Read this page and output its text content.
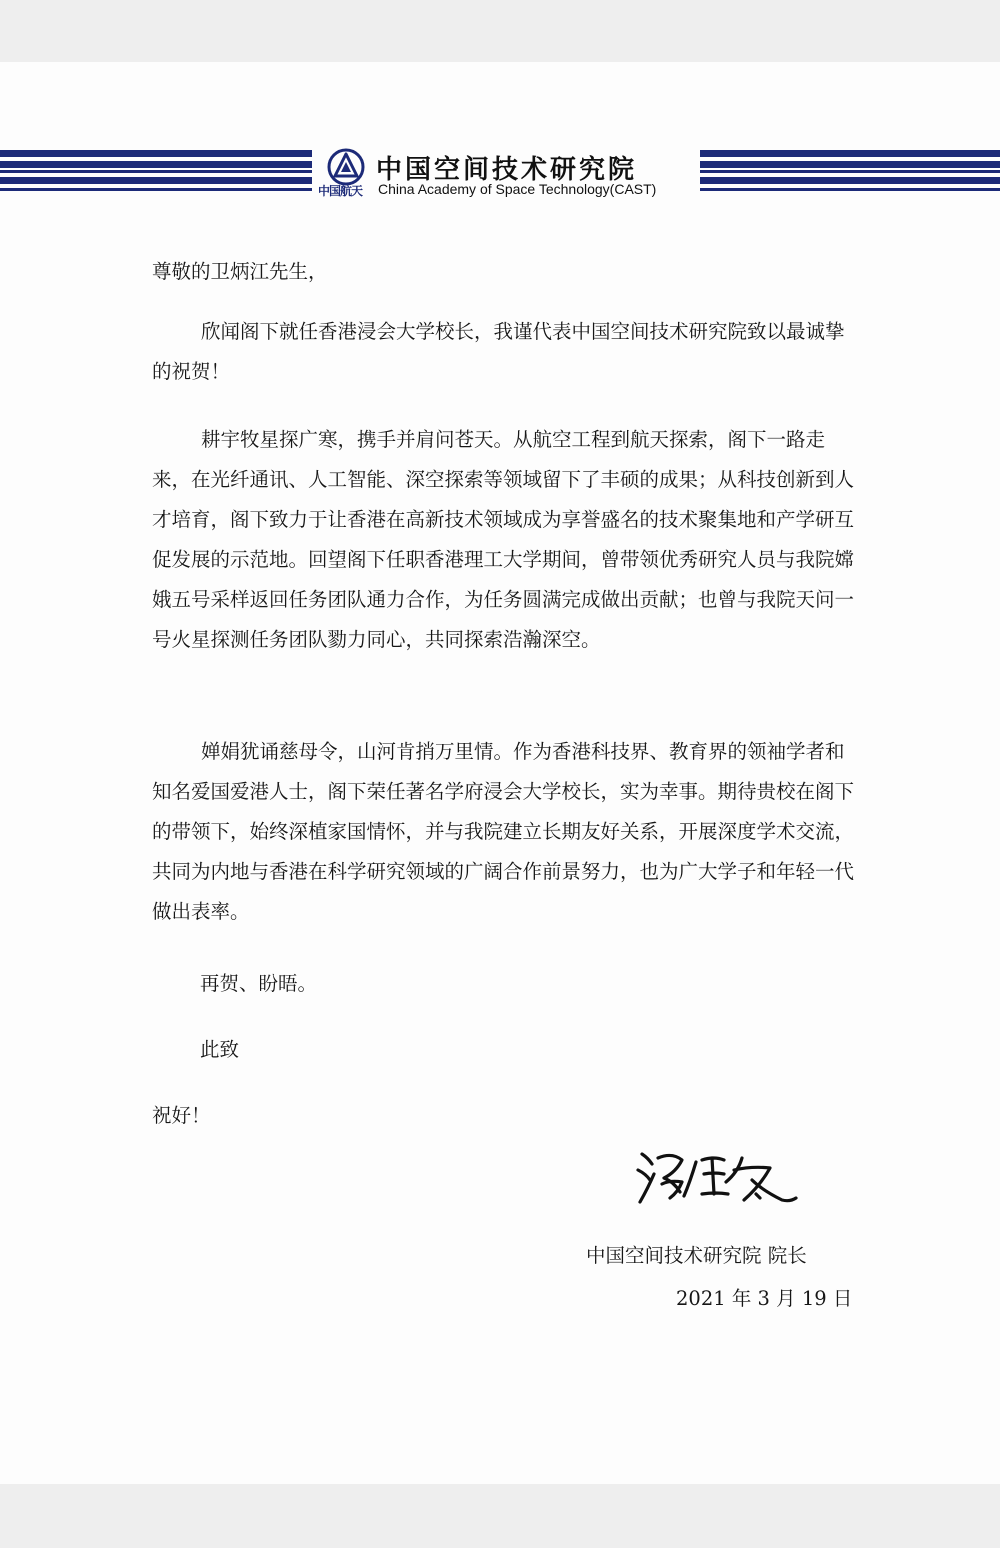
中国航天
中国空间技术研究院
China Academy of Space Technology(CAST)

尊敬的卫炳江先生，

欣闻阁下就任香港浸会大学校长，我谨代表中国空间技术研究院致以最诚挚的祝贺！

耕宇牧星探广寒，携手并肩问苍天。从航空工程到航天探索，阁下一路走来，在光纤通讯、人工智能、深空探索等领域留下了丰硕的成果；从科技创新到人才培育，阁下致力于让香港在高新技术领域成为享誉盛名的技术聚集地和产学研互促发展的示范地。回望阁下任职香港理工大学期间，曾带领优秀研究人员与我院嫦娥五号采样返回任务团队通力合作，为任务圆满完成做出贡献；也曾与我院天问一号火星探测任务团队勠力同心，共同探索浩瀚深空。

婵娟犹诵慈母令，山河肯捎万里情。作为香港科技界、教育界的领袖学者和知名爱国爱港人士，阁下荣任著名学府浸会大学校长，实为幸事。期待贵校在阁下的带领下，始终深植家国情怀，并与我院建立长期友好关系，开展深度学术交流，共同为内地与香港在科学研究领域的广阔合作前景努力，也为广大学子和年轻一代做出表率。

再贺、盼晤。

此致

祝好！

中国空间技术研究院 院长
2021 年 3 月 19 日
